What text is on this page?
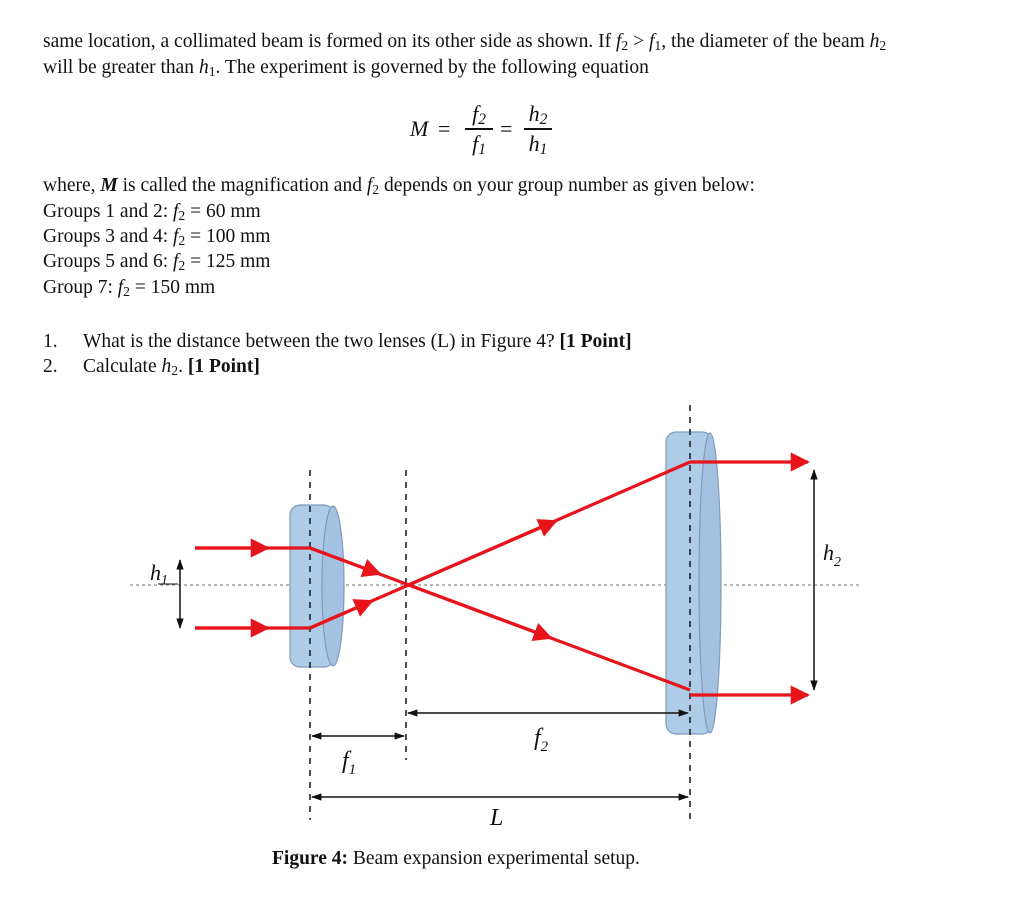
same location, a collimated beam is formed on its other side as shown. If $f_2 > f_1$, the diameter of the beam $h_2$
will be greater than $h_1$. The experiment is governed by the following equation
M =
$f_2$
$f_1$
=
$h_2$
$h_1$
where, M is called the magnification and $f_2$ depends on your group number as given below:
Groups 1 and 2: $f_2 = 60$ mm
Groups 3 and 4: $f_2 = 100$ mm
Groups 5 and 6: $f_2 = 125$ mm
Group 7: $f_2 = 150$ mm
1. What is the distance between the two lenses (L) in Figure 4? [1 Point]
2. Calculate $h_2$. [1 Point]
h1
$h_2$
$f_1$
$f_2$
L
Figure 4: Beam expansion experimental setup.
